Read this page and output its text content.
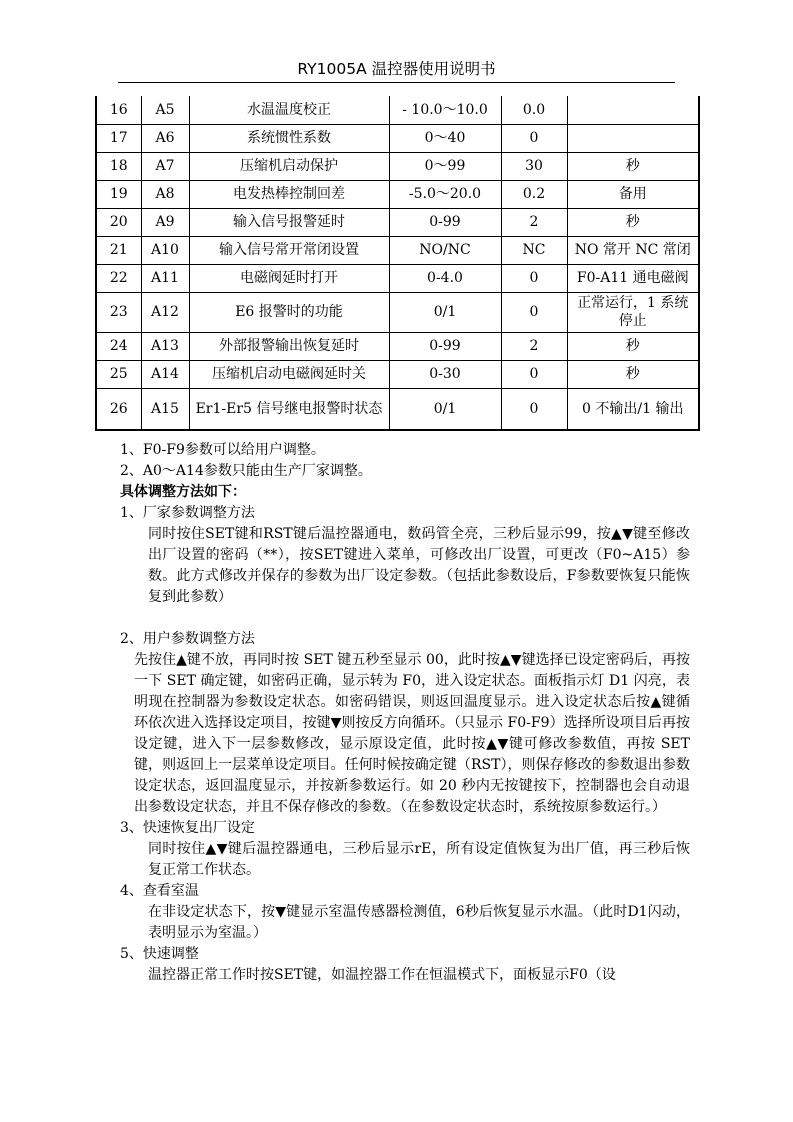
RY1005A 温控器使用说明书
16	A5	水温温度校正	- 10.0～10.0	0.0	
17	A6	系统惯性系数	0～40	0	
18	A7	压缩机启动保护	0～99	30	秒
19	A8	电发热棒控制回差	-5.0～20.0	0.2	备用
20	A9	输入信号报警延时	0-99	2	秒
21	A10	输入信号常开常闭设置	NO/NC	NC	NO 常开 NC 常闭
22	A11	电磁阀延时打开	0-4.0	0	F0-A11 通电磁阀
23	A12	E6 报警时的功能	0/1	0	正常运行，1 系统停止
24	A13	外部报警输出恢复延时	0-99	2	秒
25	A14	压缩机启动电磁阀延时关	0-30	0	秒
26	A15	Er1-Er5 信号继电报警时状态	0/1	0	0 不输出/1 输出

1、F0-F9参数可以给用户调整。

2、A0～A14参数只能由生产厂家调整。

具体调整方法如下：

1、厂家参数调整方法

同时按住SET键和RST键后温控器通电，数码管全亮，三秒后显示99，按▲▼键至修改出厂设置的密码（**），按SET键进入菜单，可修改出厂设置，可更改（F0~A15）参数。此方式修改并保存的参数为出厂设定参数。（包括此参数设后，F参数要恢复只能恢复到此参数）

2、用户参数调整方法

先按住▲键不放，再同时按 SET 键五秒至显示 00，此时按▲▼键选择已设定密码后，再按一下 SET 确定键，如密码正确，显示转为 F0，进入设定状态。面板指示灯 D1 闪亮，表明现在控制器为参数设定状态。如密码错误，则返回温度显示。进入设定状态后按▲键循环依次进入选择设定项目，按键▼则按反方向循环。（只显示 F0-F9）选择所设项目后再按设定键，进入下一层参数修改，显示原设定值，此时按▲▼键可修改参数值，再按 SET 键，则返回上一层菜单设定项目。任何时候按确定键（RST），则保存修改的参数退出参数设定状态，返回温度显示，并按新参数运行。如 20 秒内无按键按下，控制器也会自动退出参数设定状态，并且不保存修改的参数。（在参数设定状态时，系统按原参数运行。）

3、快速恢复出厂设定

同时按住▲▼键后温控器通电，三秒后显示rE，所有设定值恢复为出厂值，再三秒后恢复正常工作状态。

4、查看室温

在非设定状态下，按▼键显示室温传感器检测值，6秒后恢复显示水温。（此时D1闪动，表明显示为室温。）

5、快速调整

温控器正常工作时按SET键，如温控器工作在恒温模式下，面板显示F0（设
